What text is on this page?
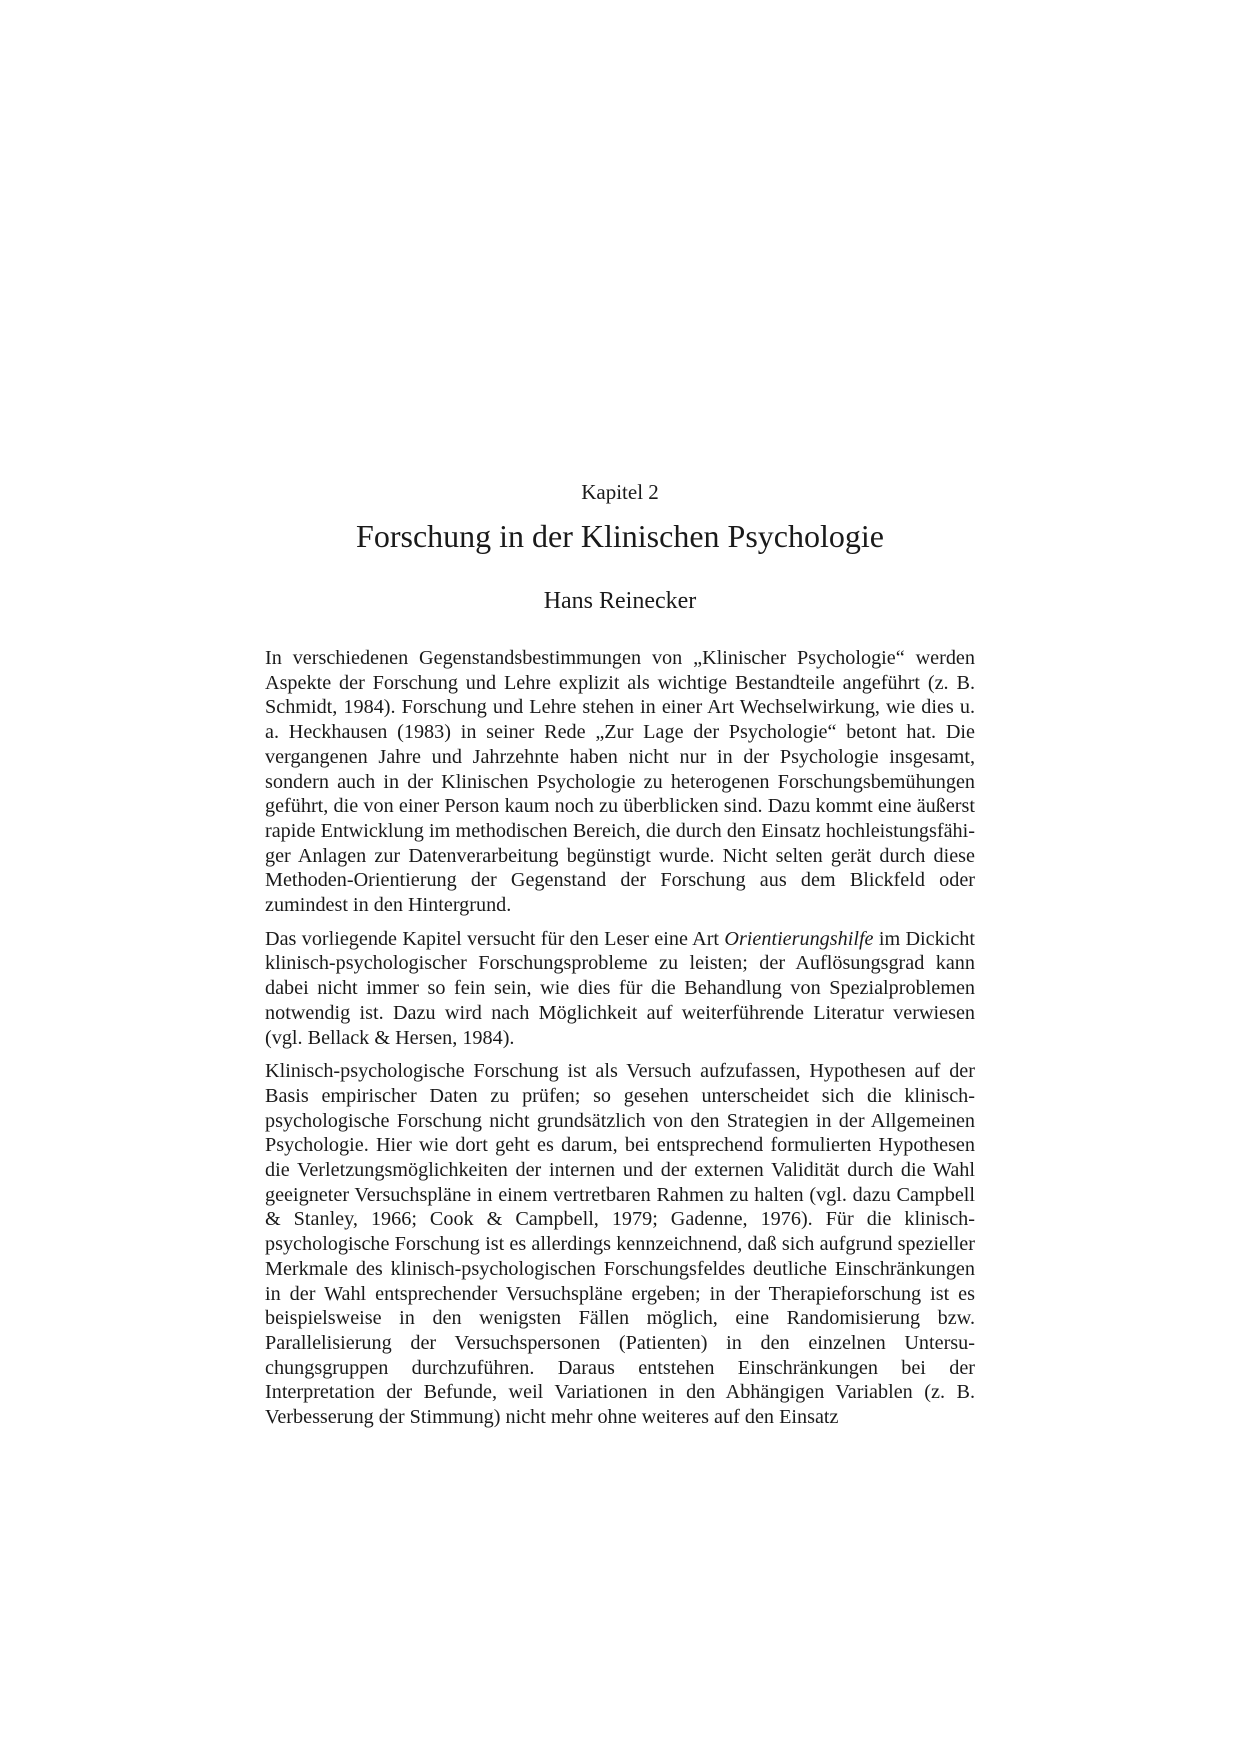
Kapitel 2
Forschung in der Klinischen Psychologie
Hans Reinecker

In verschiedenen Gegenstandsbestimmungen von „Klinischer Psychologie“ werden Aspekte der Forschung und Lehre explizit als wichtige Bestandteile angeführt (z. B. Schmidt, 1984). Forschung und Lehre stehen in einer Art Wechselwirkung, wie dies u. a. Heckhausen (1983) in seiner Rede „Zur Lage der Psychologie“ betont hat. Die vergangenen Jahre und Jahrzehnte haben nicht nur in der Psychologie insgesamt, sondern auch in der Klinischen Psychologie zu heterogenen Forschungsbemühungen geführt, die von einer Person kaum noch zu überblicken sind. Dazu kommt eine äußerst rapide Entwicklung im methodischen Bereich, die durch den Einsatz hochleistungsfähiger Anlagen zur Datenverarbeitung begünstigt wurde. Nicht selten gerät durch diese Methoden-Orientierung der Gegenstand der Forschung aus dem Blickfeld oder zumindest in den Hintergrund.

Das vorliegende Kapitel versucht für den Leser eine Art Orientierungshilfe im Dickicht klinisch-psychologischer Forschungsprobleme zu leisten; der Auflösungsgrad kann dabei nicht immer so fein sein, wie dies für die Behandlung von Spezialproblemen notwendig ist. Dazu wird nach Möglichkeit auf weiterführende Literatur verwiesen (vgl. Bellack & Hersen, 1984).

Klinisch-psychologische Forschung ist als Versuch aufzufassen, Hypothesen auf der Basis empirischer Daten zu prüfen; so gesehen unterscheidet sich die klinisch-psychologische Forschung nicht grundsätzlich von den Strategien in der Allgemeinen Psychologie. Hier wie dort geht es darum, bei entsprechend formulierten Hypothesen die Verletzungsmöglichkeiten der internen und der externen Validität durch die Wahl geeigneter Versuchspläne in einem vertretbaren Rahmen zu halten (vgl. dazu Campbell & Stanley, 1966; Cook & Campbell, 1979; Gadenne, 1976). Für die klinisch-psychologische Forschung ist es allerdings kennzeichnend, daß sich aufgrund spezieller Merkmale des klinisch-psychologischen Forschungsfeldes deutliche Einschränkungen in der Wahl entsprechender Versuchspläne ergeben; in der Therapieforschung ist es beispielsweise in den wenigsten Fällen möglich, eine Randomisierung bzw. Parallelisierung der Versuchspersonen (Patienten) in den einzelnen Untersuchungsgruppen durchzuführen. Daraus entstehen Einschränkungen bei der Interpretation der Befunde, weil Variationen in den Abhängigen Variablen (z. B. Verbesserung der Stimmung) nicht mehr ohne weiteres auf den Einsatz
